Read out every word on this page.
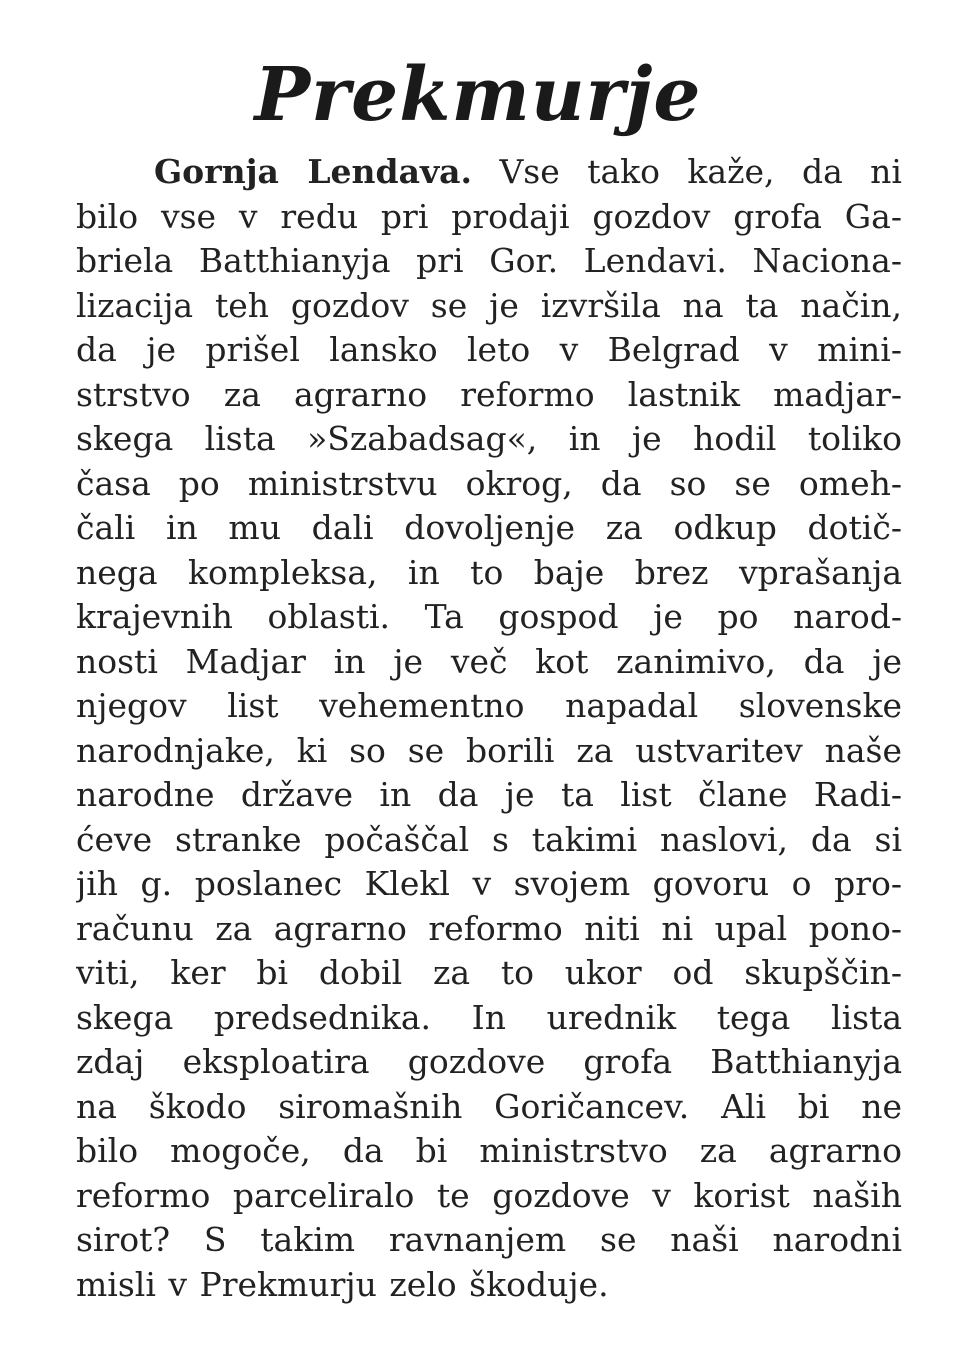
Prekmurje
Gornja Lendava. Vse tako kaže, da ni
bilo vse v redu pri prodaji gozdov grofa Ga-
briela Batthianyja pri Gor. Lendavi. Naciona-
lizacija teh gozdov se je izvršila na ta način,
da je prišel lansko leto v Belgrad v mini-
strstvo za agrarno reformo lastnik madjar-
skega lista »Szabadsag«, in je hodil toliko
časa po ministrstvu okrog, da so se omeh-
čali in mu dali dovoljenje za odkup dotič-
nega kompleksa, in to baje brez vprašanja
krajevnih oblasti. Ta gospod je po narod-
nosti Madjar in je več kot zanimivo, da je
njegov list vehementno napadal slovenske
narodnjake, ki so se borili za ustvaritev naše
narodne države in da je ta list člane Radi-
ćeve stranke počaščal s takimi naslovi, da si
jih g. poslanec Klekl v svojem govoru o pro-
računu za agrarno reformo niti ni upal pono-
viti, ker bi dobil za to ukor od skupščin-
skega predsednika. In urednik tega lista
zdaj eksploatira gozdove grofa Batthianyja
na škodo siromašnih Goričancev. Ali bi ne
bilo mogoče, da bi ministrstvo za agrarno
reformo parceliralo te gozdove v korist naših
sirot? S takim ravnanjem se naši narodni
misli v Prekmurju zelo škoduje.
